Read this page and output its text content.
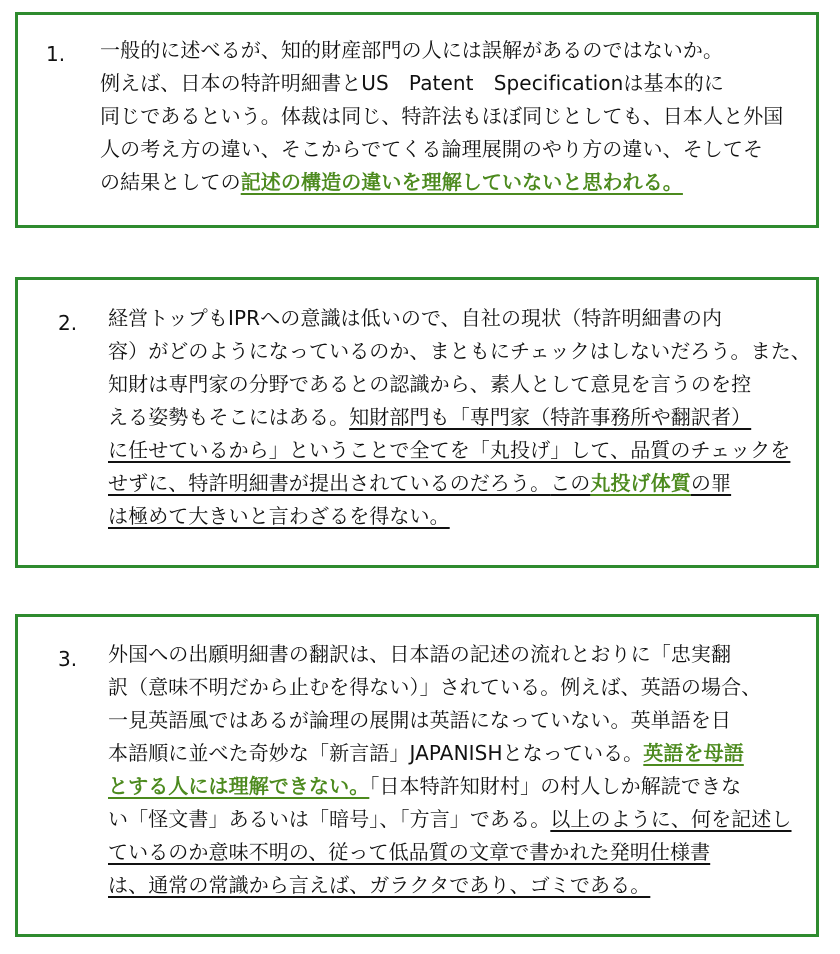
1. 一般的に述べるが、知的財産部門の人には誤解があるのではないか。
例えば、日本の特許明細書とUS　Patent　Specificationは基本的に
同じであるという。体裁は同じ、特許法もほぼ同じとしても、日本人と外国
人の考え方の違い、そこからでてくる論理展開のやり方の違い、そしてそ
の結果としての記述の構造の違いを理解していないと思われる。
2. 経営トップもIPRへの意識は低いので、自社の現状（特許明細書の内
容）がどのようになっているのか、まともにチェックはしないだろう。また、
知財は専門家の分野であるとの認識から、素人として意見を言うのを控
える姿勢もそこにはある。知財部門も「専門家（特許事務所や翻訳者）
に任せているから」ということで全てを「丸投げ」して、品質のチェックを
せずに、特許明細書が提出されているのだろう。この丸投げ体質の罪
は極めて大きいと言わざるを得ない。
3. 外国への出願明細書の翻訳は、日本語の記述の流れとおりに「忠実翻
訳（意味不明だから止むを得ない）」されている。例えば、英語の場合、
一見英語風ではあるが論理の展開は英語になっていない。英単語を日
本語順に並べた奇妙な「新言語」JAPANISHとなっている。英語を母語
とする人には理解できない。「日本特許知財村」の村人しか解読できな
い「怪文書」あるいは「暗号」、「方言」である。以上のように、何を記述し
ているのか意味不明の、従って低品質の文章で書かれた発明仕様書
は、通常の常識から言えば、ガラクタであり、ゴミである。
